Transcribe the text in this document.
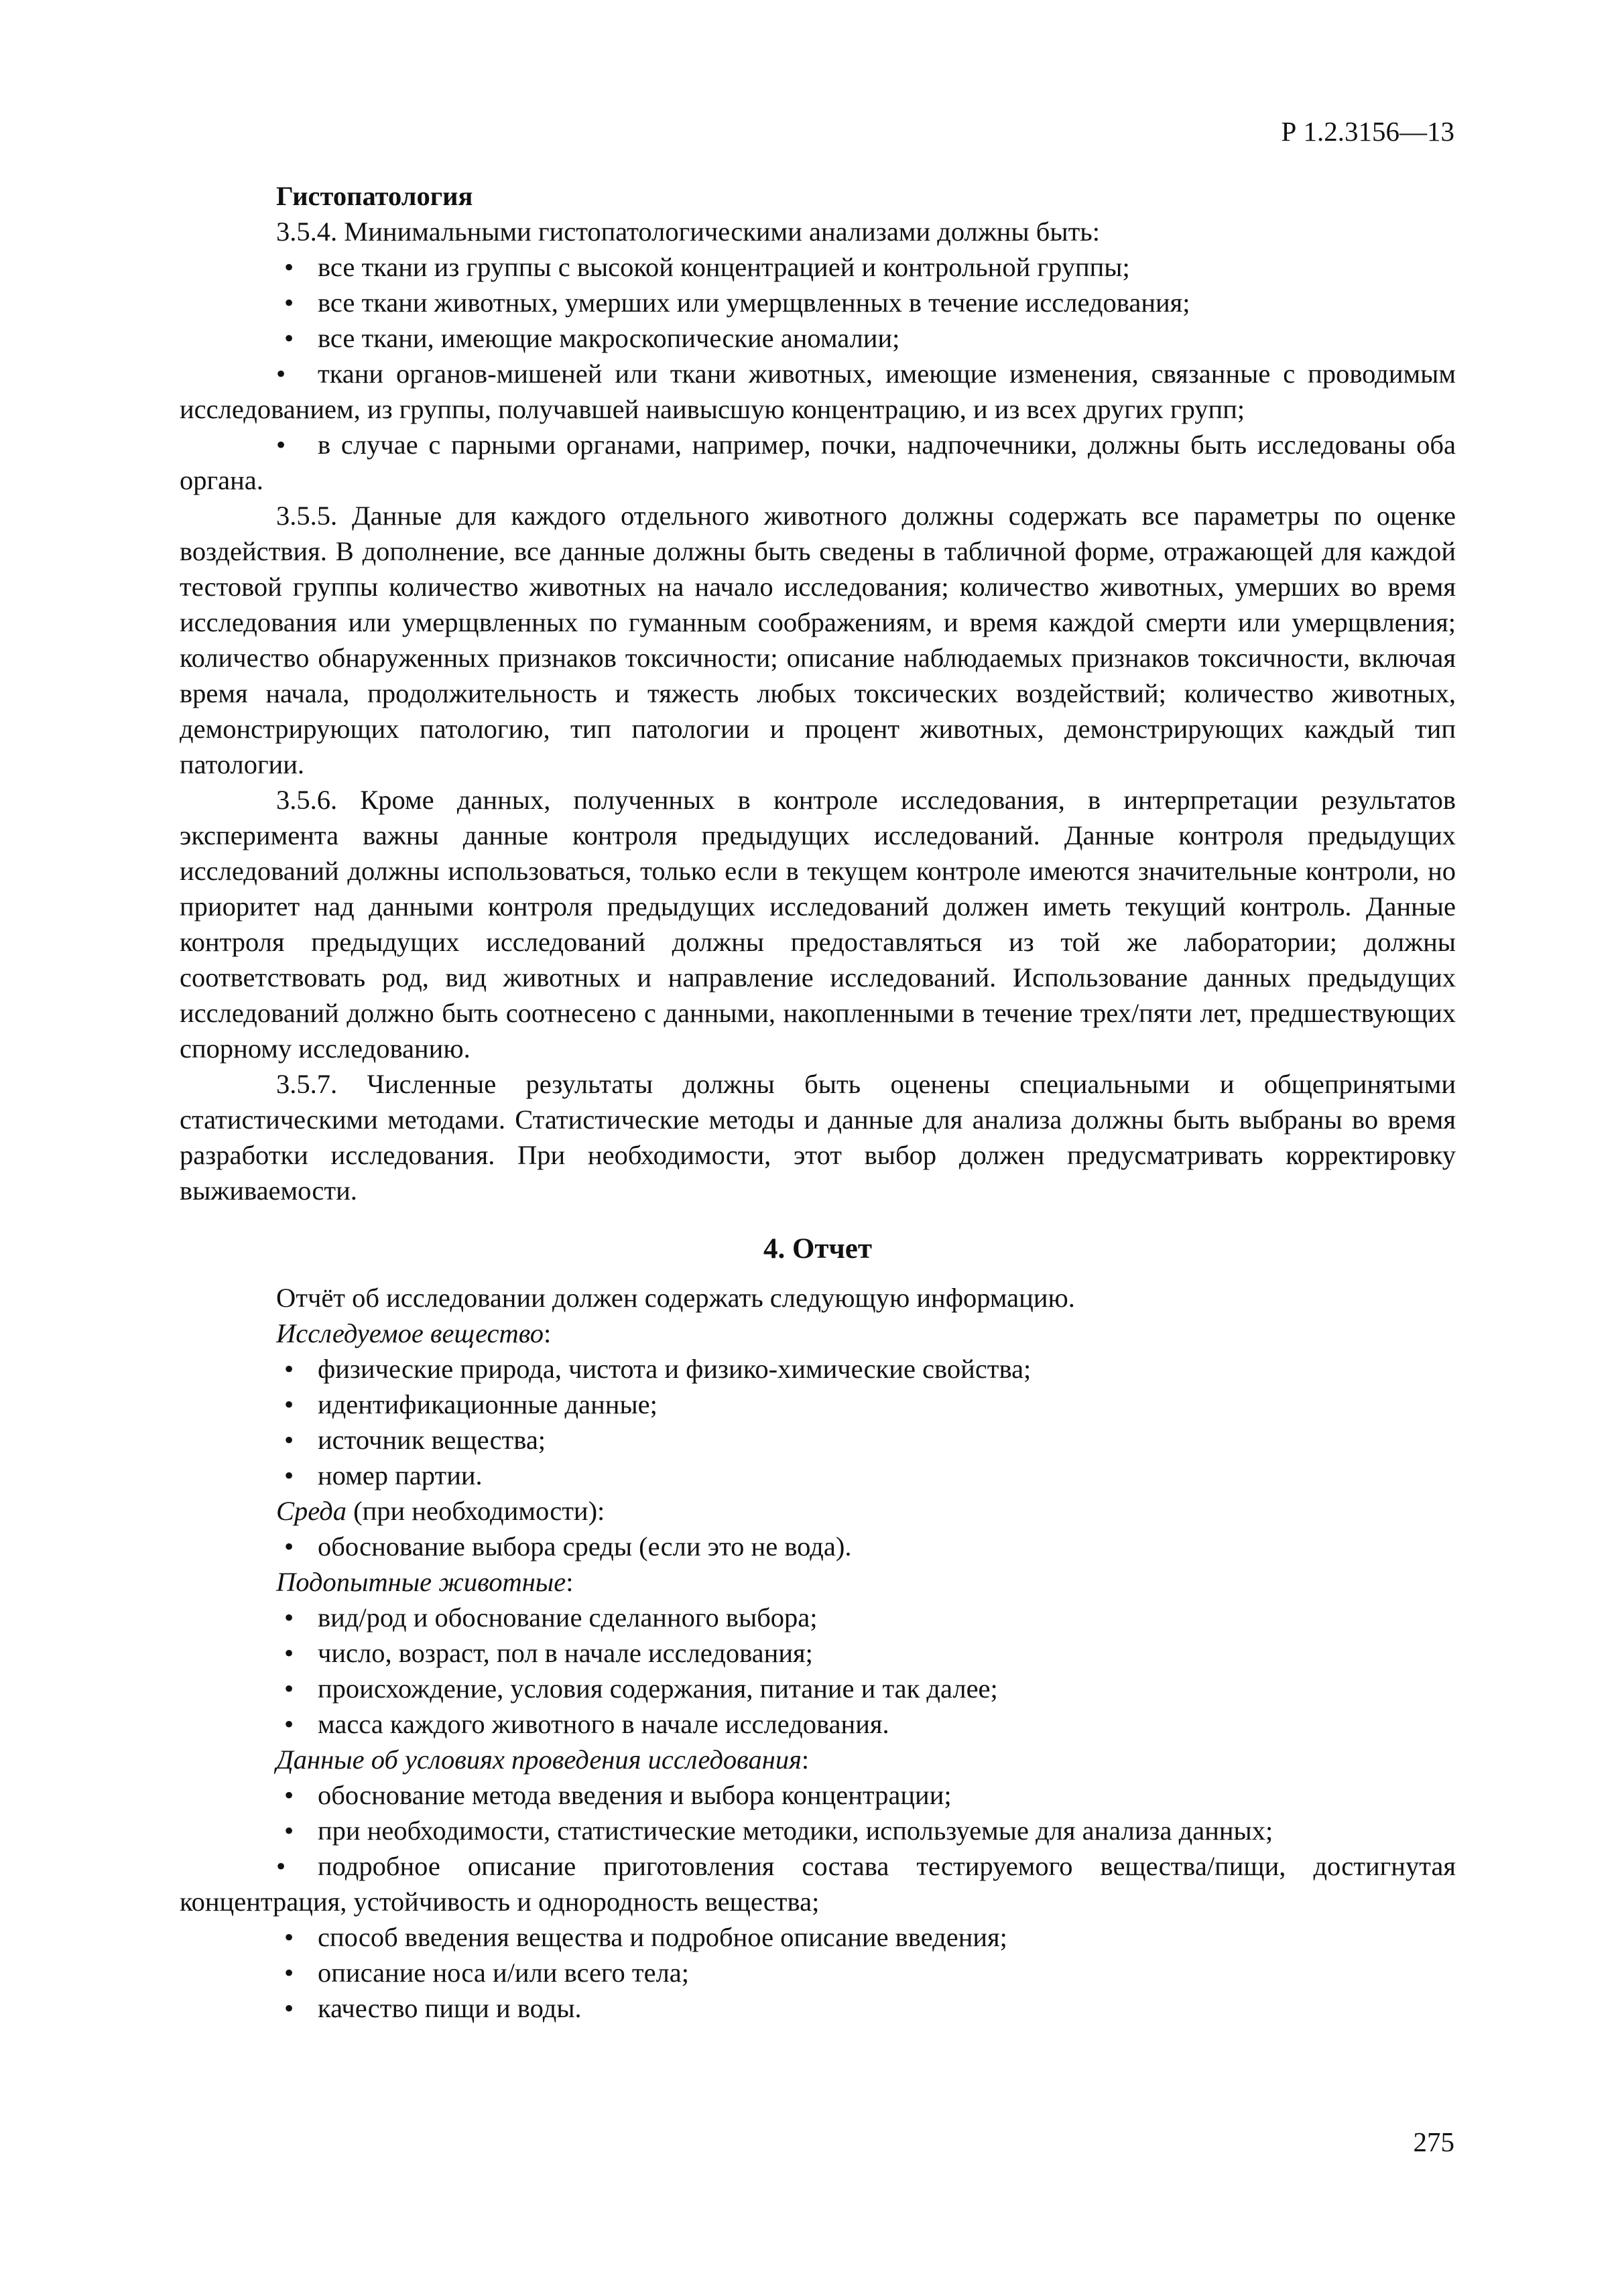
Р 1.2.3156—13

Гистопатология

3.5.4. Минимальными гистопатологическими анализами должны быть:

• все ткани из группы с высокой концентрацией и контрольной группы;
• все ткани животных, умерших или умерщвленных в течение исследования;
• все ткани, имеющие макроскопические аномалии;
• ткани органов-мишеней или ткани животных, имеющие изменения, связанные с проводимым исследованием, из группы, получавшей наивысшую концентрацию, и из всех других групп;
• в случае с парными органами, например, почки, надпочечники, должны быть исследованы оба органа.

3.5.5. Данные для каждого отдельного животного должны содержать все параметры по оценке воздействия. В дополнение, все данные должны быть сведены в табличной форме, отражающей для каждой тестовой группы количество животных на начало исследования; количество животных, умерших во время исследования или умерщвленных по гуманным соображениям, и время каждой смерти или умерщвления; количество обнаруженных признаков токсичности; описание наблюдаемых признаков токсичности, включая время начала, продолжительность и тяжесть любых токсических воздействий; количество животных, демонстрирующих патологию, тип патологии и процент животных, демонстрирующих каждый тип патологии.

3.5.6. Кроме данных, полученных в контроле исследования, в интерпретации результатов эксперимента важны данные контроля предыдущих исследований. Данные контроля предыдущих исследований должны использоваться, только если в текущем контроле имеются значительные контроли, но приоритет над данными контроля предыдущих исследований должен иметь текущий контроль. Данные контроля предыдущих исследований должны предоставляться из той же лаборатории; должны соответствовать род, вид животных и направление исследований. Использование данных предыдущих исследований должно быть соотнесено с данными, накопленными в течение трех/пяти лет, предшествующих спорному исследованию.

3.5.7. Численные результаты должны быть оценены специальными и общепринятыми статистическими методами. Статистические методы и данные для анализа должны быть выбраны во время разработки исследования. При необходимости, этот выбор должен предусматривать корректировку выживаемости.

4. Отчет

Отчёт об исследовании должен содержать следующую информацию.

Исследуемое вещество:

• физические природа, чистота и физико-химические свойства;
• идентификационные данные;
• источник вещества;
• номер партии.

Среда (при необходимости):

• обоснование выбора среды (если это не вода).

Подопытные животные:

• вид/род и обоснование сделанного выбора;
• число, возраст, пол в начале исследования;
• происхождение, условия содержания, питание и так далее;
• масса каждого животного в начале исследования.

Данные об условиях проведения исследования:

• обоснование метода введения и выбора концентрации;
• при необходимости, статистические методики, используемые для анализа данных;
• подробное описание приготовления состава тестируемого вещества/пищи, достигнутая концентрация, устойчивость и однородность вещества;
• способ введения вещества и подробное описание введения;
• описание носа и/или всего тела;
• качество пищи и воды.
275
